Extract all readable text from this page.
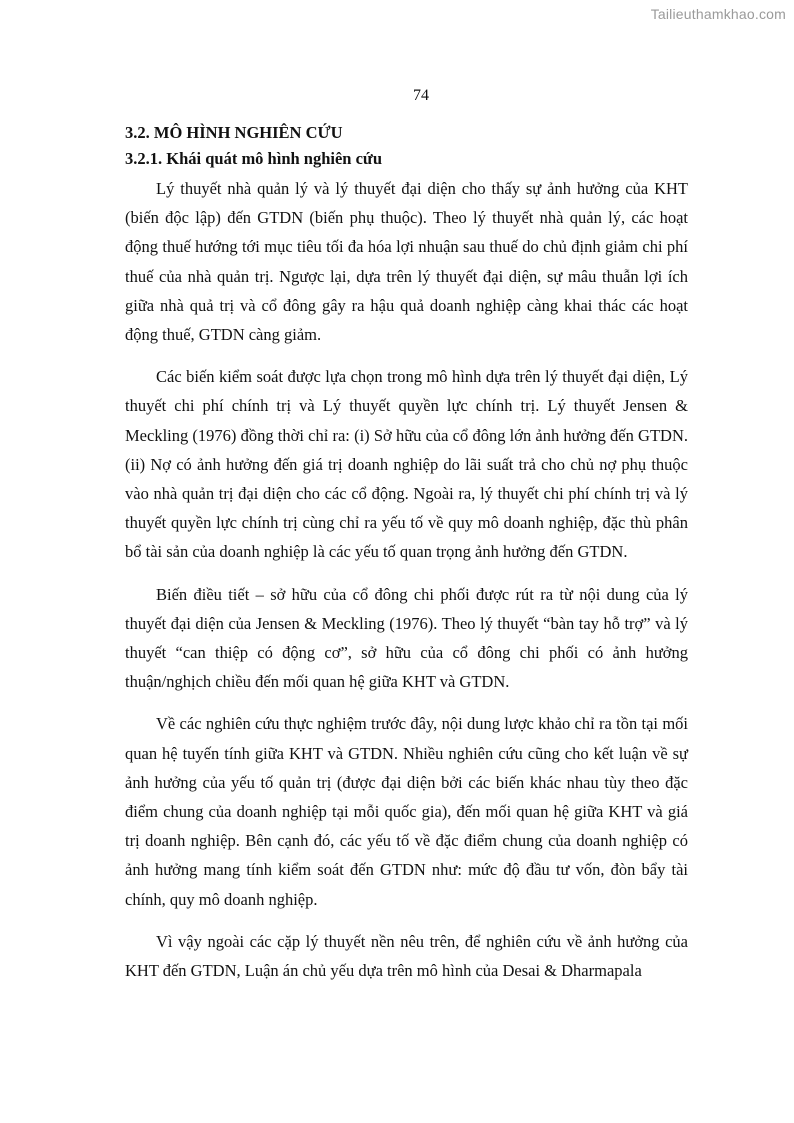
Tailieuthamkhao.com
74
3.2. MÔ HÌNH NGHIÊN CỨU
3.2.1. Khái quát mô hình nghiên cứu

Lý thuyết nhà quản lý và lý thuyết đại diện cho thấy sự ảnh hưởng của KHT (biến độc lập) đến GTDN (biến phụ thuộc). Theo lý thuyết nhà quản lý, các hoạt động thuế hướng tới mục tiêu tối đa hóa lợi nhuận sau thuế do chủ định giảm chi phí thuế của nhà quản trị. Ngược lại, dựa trên lý thuyết đại diện, sự mâu thuẫn lợi ích giữa nhà quả trị và cổ đông gây ra hậu quả doanh nghiệp càng khai thác các hoạt động thuế, GTDN càng giảm.

Các biến kiểm soát được lựa chọn trong mô hình dựa trên lý thuyết đại diện, Lý thuyết chi phí chính trị và Lý thuyết quyền lực chính trị. Lý thuyết Jensen & Meckling (1976) đồng thời chỉ ra: (i) Sở hữu của cổ đông lớn ảnh hưởng đến GTDN. (ii) Nợ có ảnh hưởng đến giá trị doanh nghiệp do lãi suất trả cho chủ nợ phụ thuộc vào nhà quản trị đại diện cho các cổ động. Ngoài ra, lý thuyết chi phí chính trị và lý thuyết quyền lực chính trị cùng chỉ ra yếu tố về quy mô doanh nghiệp, đặc thù phân bổ tài sản của doanh nghiệp là các yếu tố quan trọng ảnh hưởng đến GTDN.

Biến điều tiết – sở hữu của cổ đông chi phối được rút ra từ nội dung của lý thuyết đại diện của Jensen & Meckling (1976). Theo lý thuyết “bàn tay hỗ trợ” và lý thuyết “can thiệp có động cơ”, sở hữu của cổ đông chi phối có ảnh hưởng thuận/nghịch chiều đến mối quan hệ giữa KHT và GTDN.

Về các nghiên cứu thực nghiệm trước đây, nội dung lược khảo chỉ ra tồn tại mối quan hệ tuyến tính giữa KHT và GTDN. Nhiều nghiên cứu cũng cho kết luận về sự ảnh hưởng của yếu tố quản trị (được đại diện bởi các biến khác nhau tùy theo đặc điểm chung của doanh nghiệp tại mỗi quốc gia), đến mối quan hệ giữa KHT và giá trị doanh nghiệp. Bên cạnh đó, các yếu tố về đặc điểm chung của doanh nghiệp có ảnh hưởng mang tính kiểm soát đến GTDN như: mức độ đầu tư vốn, đòn bẩy tài chính, quy mô doanh nghiệp.

Vì vậy ngoài các cặp lý thuyết nền nêu trên, để nghiên cứu về ảnh hưởng của KHT đến GTDN, Luận án chủ yếu dựa trên mô hình của Desai & Dharmapala
